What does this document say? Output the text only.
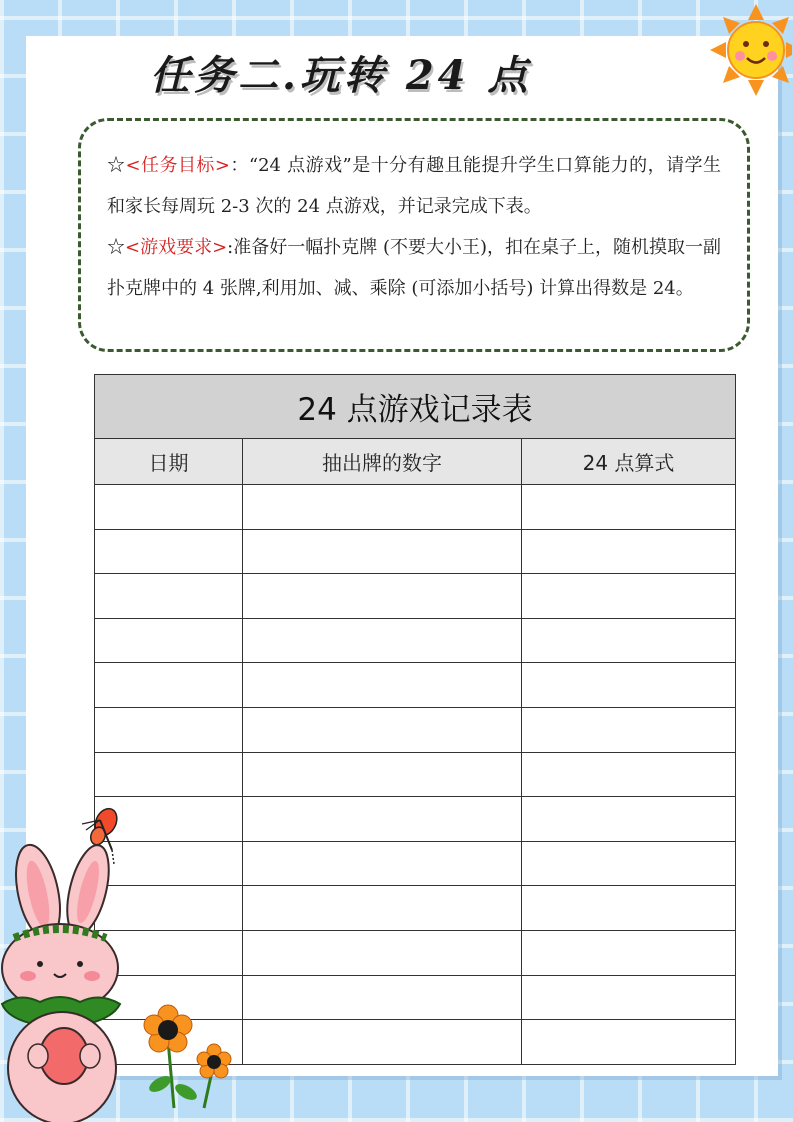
任务二.玩转 24 点

☆<任务目标>：“24 点游戏”是十分有趣且能提升学生口算能力的，请学生和家长每周玩 2-3 次的 24 点游戏，并记录完成下表。

☆<游戏要求>:准备好一幅扑克牌 (不要大小王)，扣在桌子上，随机摸取一副扑克牌中的 4 张牌,利用加、减、乘除 (可添加小括号) 计算出得数是 24。

24 点游戏记录表		
日期	抽出牌的数字	24 点算式
